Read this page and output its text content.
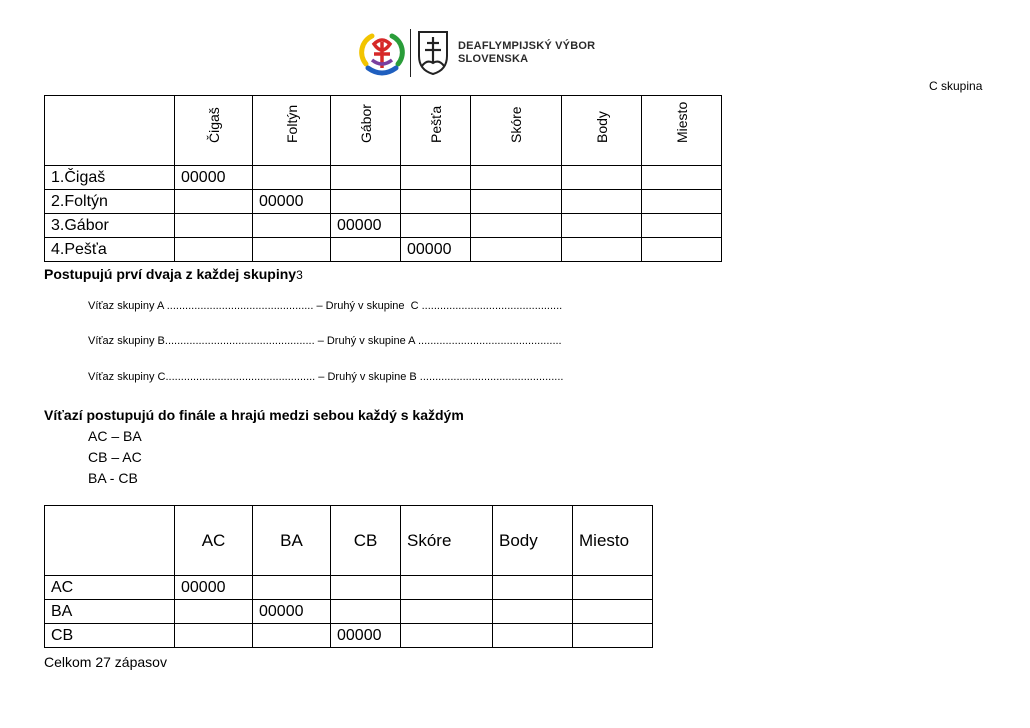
DEAFLYMPIJSKÝ VÝBOR
SLOVENSKA
C skupina

	Čigaš	Foltýn	Gábor	Pešťa	Skóre	Body	Miesto

1.Čigaš	00000						
2.Foltýn		00000					
3.Gábor			00000				
4.Pešťa				00000			
Postupujú prví dvaja z každej skupiny3
Víťaz skupiny A ................................................ – Druhý v skupine  C ..............................................
Víťaz skupiny B................................................. – Druhý v skupine A ...............................................
Víťaz skupiny C................................................. – Druhý v skupine B ...............................................
Víťazí postupujú do finále a hrajú medzi sebou každý s každým
AC – BA
CB – AC
BA - CB
	AC	BA	CB	Skóre	Body	Miesto
AC	00000					
BA		00000				
CB			00000			
Celkom 27 zápasov
